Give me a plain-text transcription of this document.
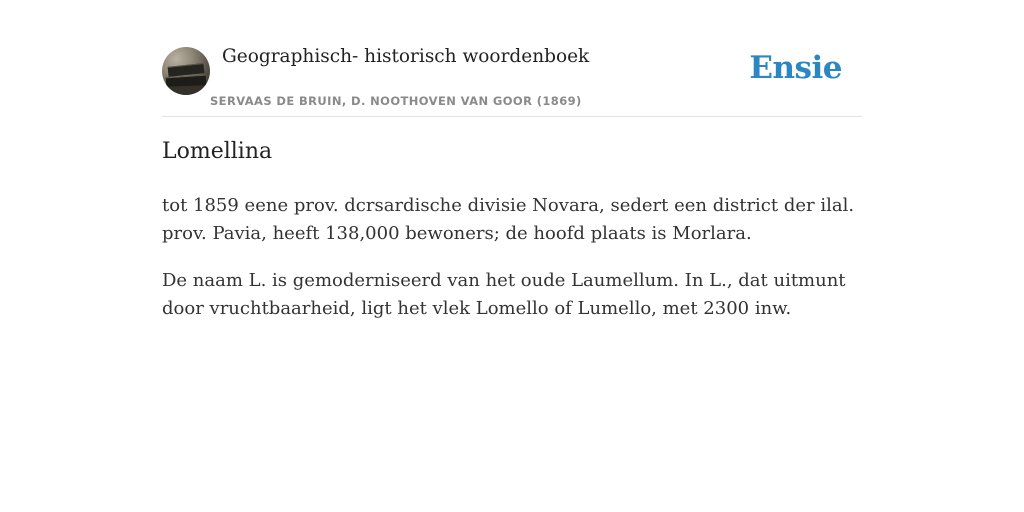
Geographisch- historisch woordenboek
SERVAAS DE BRUIN, D. NOOTHOVEN VAN GOOR (1869)
Ensie
Lomellina

tot 1859 eene prov. dcrsardische divisie Novara, sedert een district der ilal. prov. Pavia, heeft 138,000 bewoners; de hoofd plaats is Morlara.

De naam L. is gemoderniseerd van het oude Laumellum. In L., dat uitmunt door vruchtbaarheid, ligt het vlek Lomello of Lumello, met 2300 inw.
